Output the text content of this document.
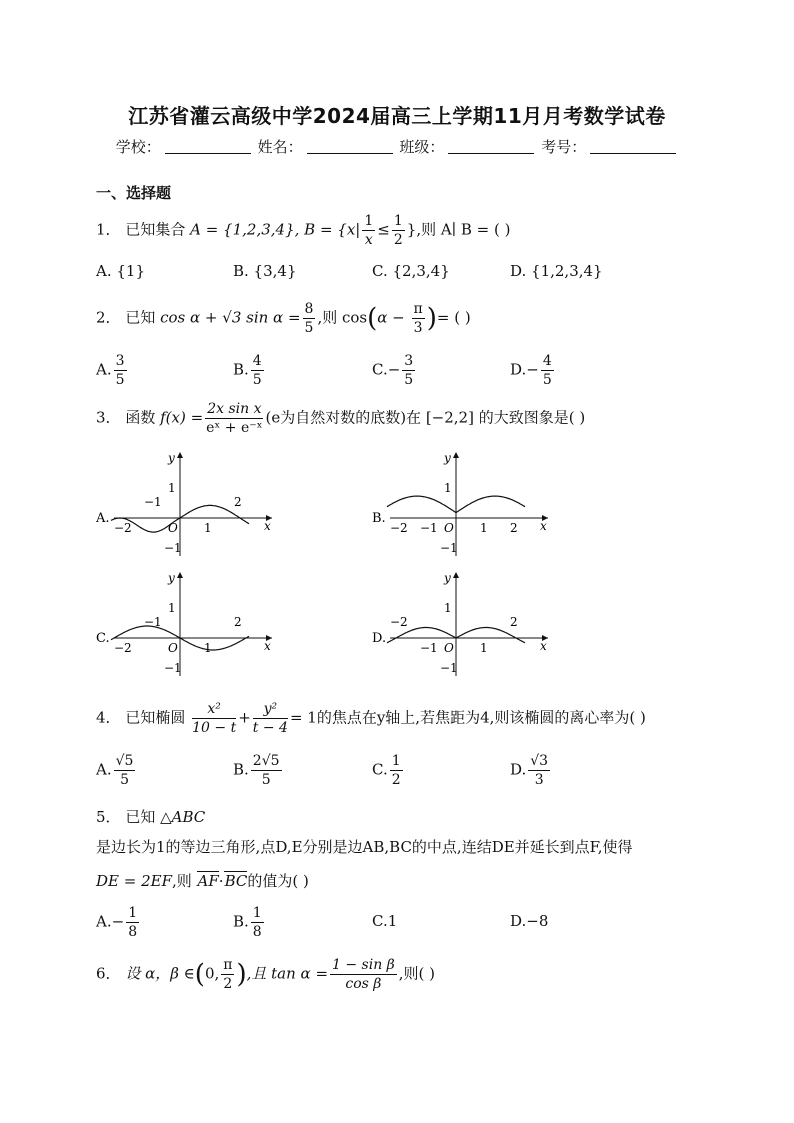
江苏省灌云高级中学2024届高三上学期11月月考数学试卷
学校：	姓名：	班级：	考号：
一、选择题
1． 已知集合 A = {1,2,3,4}, $B = \{x| \frac{1}{x} \le \frac{1}{2}$ },则 A∣ B = ( )
A. {1}	B. {3,4}	C. {2,3,4}	D. {1,2,3,4}
2． 已知 cos α + √3 $\sin \alpha = \frac{8}{5}$ ,则 $\cos(\alpha - \frac{\pi}{3}$ )= ( )
A. $\frac{3}{5}$	B. $\frac{4}{5}$	$C.- \frac{3}{5}$	$D.- \frac{4}{5}$
3． 函数 $f(x) = \frac{\text{2x sin x}}{\text{eˣ + e⁻ˣ}} (e$为自然对数的底数)在 [−2,2] 的大致图象是( )
A.
y
x
1
−1
−2
−1
O 1
2
B.
y
x
1
−1
−2 −1 O 1 2
C.
y
x
1
−1
−2
−1
O 1
2
D.
y
x
1
−1
−2
−1 O 1
2
4． 已知椭圆 $\frac{\text{x²}}{10 - t} + \frac{\text{y²}}{t - 4} = 1$的焦点在y轴上,若焦距为4,则该椭圆的离心率为( )
A. $\frac{√5}{5}$	B. $\frac{2√5}{5}$	C. $\frac{1}{2}$	D. $\frac{√3}{3}$
5． 已知 △ABC
是边长为1的等边三角形,点D,E分别是边AB,BC的中点,连结DE并延长到点F,使得
DE = 2EF,则 AF·BC的值为( )
$A.- \frac{1}{8}$	B. $\frac{1}{8}$	C.1	D.−8
6． 设 α，β ∈(0, $\frac{\pi}{2}$ ),且 $\tan \alpha = \frac{\text{1 − sin β}}{\text{cos β}}$ ,则( )
